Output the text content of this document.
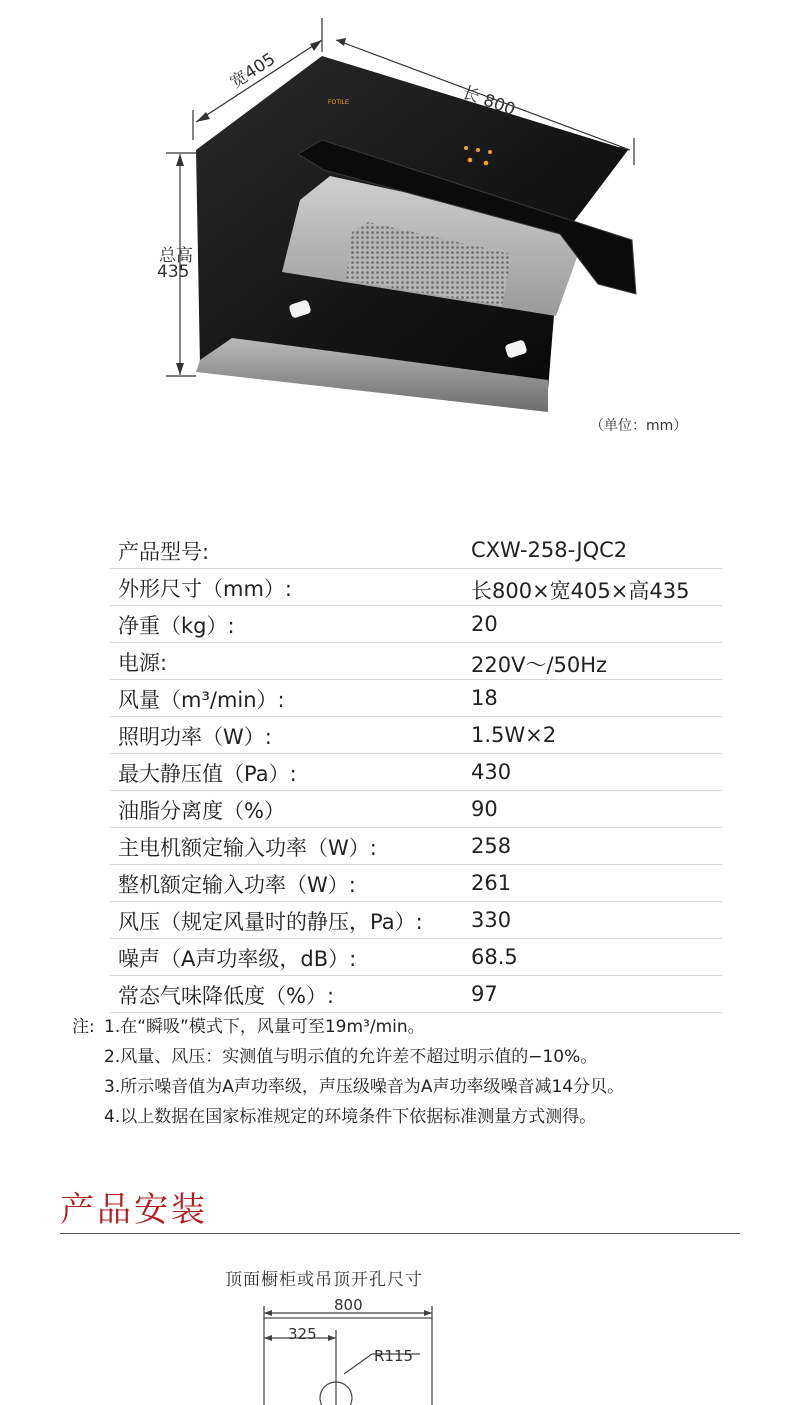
FOTILE
宽405
长 800
总高
435
（单位：mm）
产品型号:	CXW-258-JQC2
外形尺寸（mm）:	长800×宽405×高435
净重（kg）:	20
电源:	220V～/50Hz
风量（m³/min）:	18
照明功率（W）:	1.5W×2
最大静压值（Pa）:	430
油脂分离度（%）	90
主电机额定输入功率（W）:	258
整机额定输入功率（W）:	261
风压（规定风量时的静压，Pa）: 330
噪声（A声功率级，dB）:	68.5
常态气味降低度（%）:	97
注: 1.在“瞬吸”模式下，风量可至19m³/min。
2.风量、风压：实测值与明示值的允许差不超过明示值的−10%。
3.所示噪音值为A声功率级，声压级噪音为A声功率级噪音减14分贝。
4.以上数据在国家标准规定的环境条件下依据标准测量方式测得。
产品安装
顶面橱柜或吊顶开孔尺寸
800
325
R115
